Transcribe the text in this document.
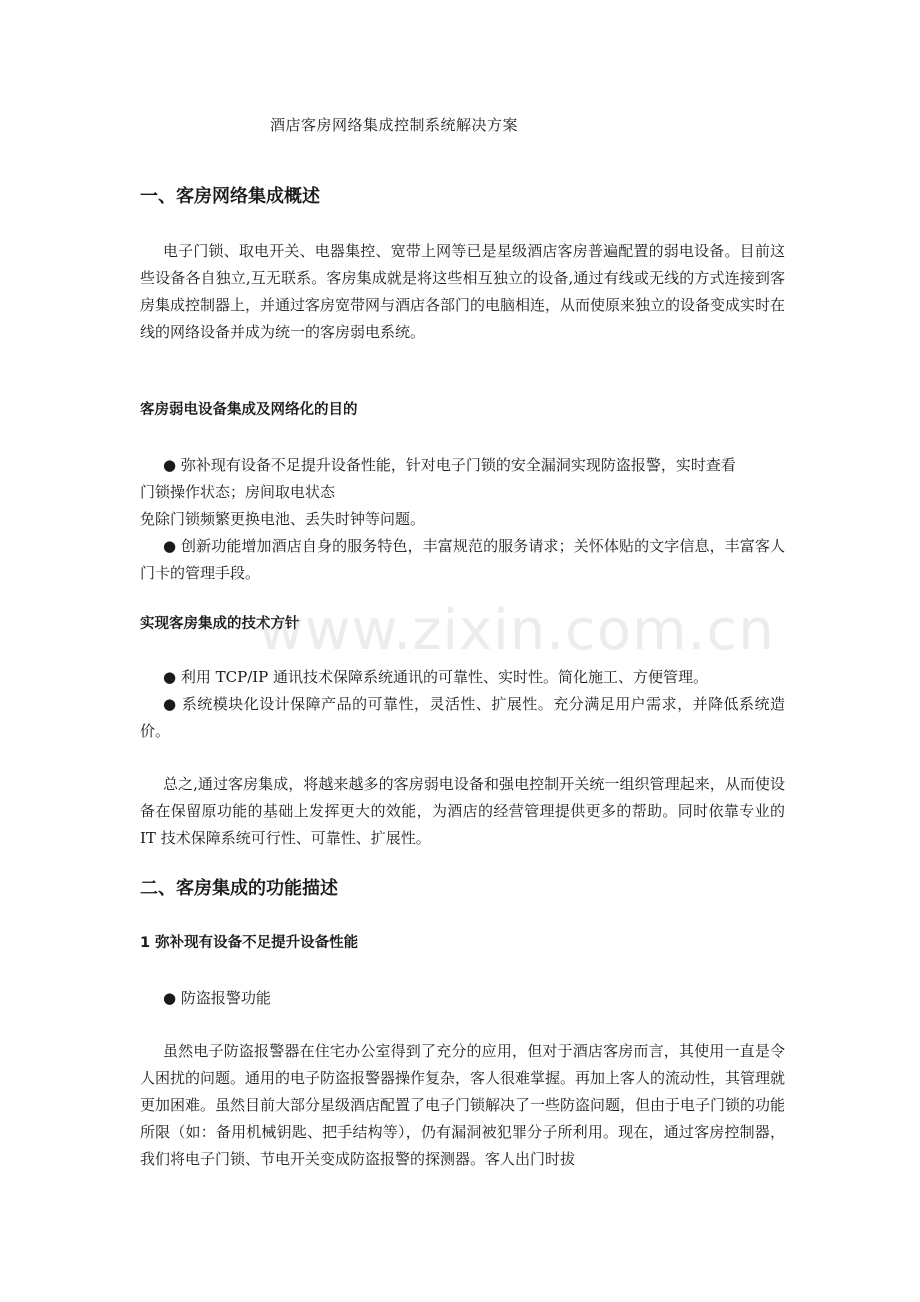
酒店客房网络集成控制系统解决方案

一、客房网络集成概述

电子门锁、取电开关、电器集控、宽带上网等已是星级酒店客房普遍配置的弱电设备。目前这些设备各自独立,互无联系。客房集成就是将这些相互独立的设备,通过有线或无线的方式连接到客房集成控制器上，并通过客房宽带网与酒店各部门的电脑相连，从而使原来独立的设备变成实时在线的网络设备并成为统一的客房弱电系统。

客房弱电设备集成及网络化的目的
● 弥补现有设备不足提升设备性能，针对电子门锁的安全漏洞实现防盗报警，实时查看
门锁操作状态；房间取电状态
免除门锁频繁更换电池、丢失时钟等问题。

● 创新功能增加酒店自身的服务特色，丰富规范的服务请求；关怀体贴的文字信息，丰富客人门卡的管理手段。

实现客房集成的技术方针

● 利用 TCP/IP 通讯技术保障系统通讯的可靠性、实时性。简化施工、方便管理。

● 系统模块化设计保障产品的可靠性，灵活性、扩展性。充分满足用户需求，并降低系统造价。

总之,通过客房集成，将越来越多的客房弱电设备和强电控制开关统一组织管理起来，从而使设备在保留原功能的基础上发挥更大的效能，为酒店的经营管理提供更多的帮助。同时依靠专业的 IT 技术保障系统可行性、可靠性、扩展性。

二、客房集成的功能描述
1 弥补现有设备不足提升设备性能

● 防盗报警功能

虽然电子防盗报警器在住宅办公室得到了充分的应用，但对于酒店客房而言，其使用一直是令人困扰的问题。通用的电子防盗报警器操作复杂，客人很难掌握。再加上客人的流动性，其管理就更加困难。虽然目前大部分星级酒店配置了电子门锁解决了一些防盗问题，但由于电子门锁的功能所限（如：备用机械钥匙、把手结构等），仍有漏洞被犯罪分子所利用。现在，通过客房控制器，我们将电子门锁、节电开关变成防盗报警的探测器。客人出门时拔

www.zixin.com.cn
